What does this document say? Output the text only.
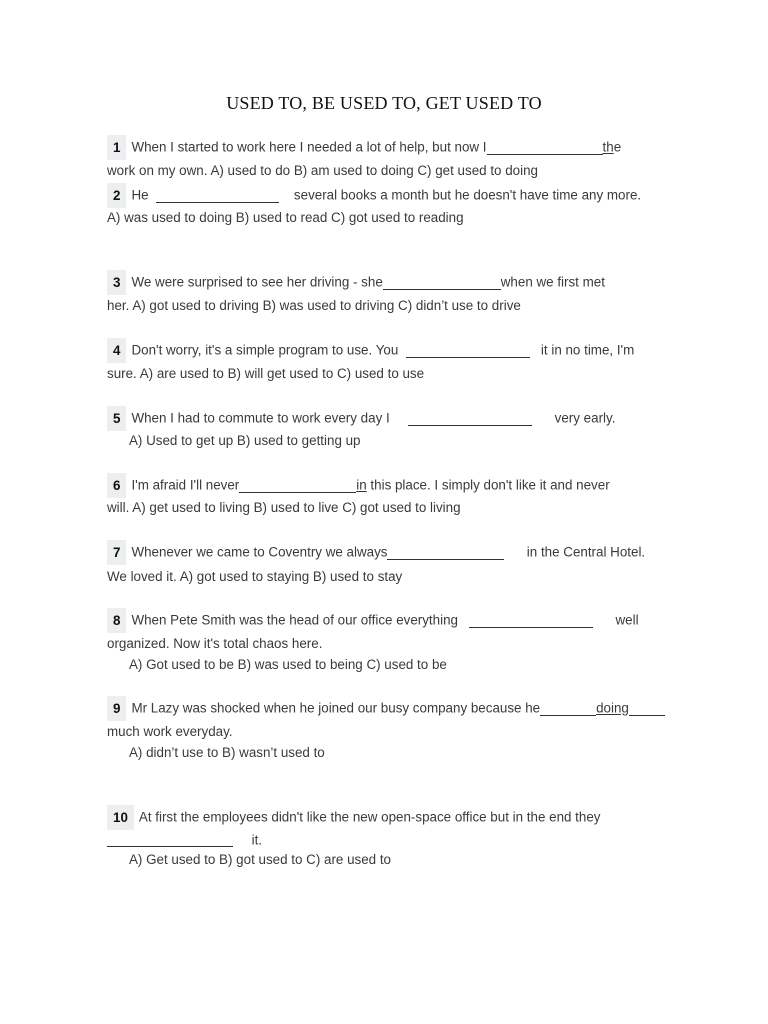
USED TO, BE USED TO, GET USED TO
1 When I started to work here I needed a lot of help, but now I	the
work on my own. A) used to do B) am used to doing C) get used to doing
2 He	several books a month but he doesn't have time any more.
A) was used to doing B) used to read C) got used to reading
3 We were surprised to see her driving - she	when we first met
her. A) got used to driving B) was used to driving C) didn’t use to drive
4 Don't worry, it's a simple program to use. You	it in no time, I'm
sure. A) are used to B) will get used to C) used to use
5 When I had to commute to work every day I	very early.
A) Used to get up B) used to getting up
6 I'm afraid I'll never	in this place. I simply don't like it and never
will. A) get used to living B) used to live C) got used to living
7 Whenever we came to Coventry we always	in the Central Hotel.
We loved it. A) got used to staying B) used to stay
8 When Pete Smith was the head of our office everything	well
organized. Now it's total chaos here.
A) Got used to be B) was used to being C) used to be
9 Mr Lazy was shocked when he joined our busy company because he	doing
much work everyday.
A) didn’t use to B) wasn’t used to
10 At first the employees didn't like the new open-space office but in the end they
it.
A) Get used to B) got used to C) are used to
